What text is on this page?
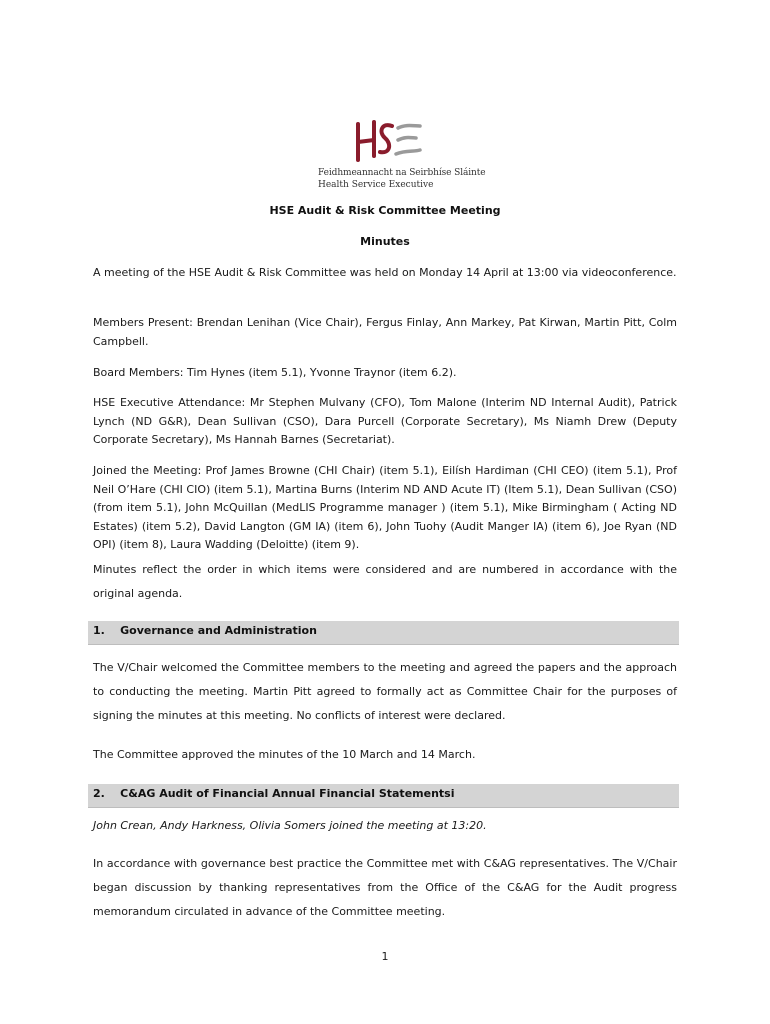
Feidhmeannacht na Seirbhíse Sláinte
Health Service Executive
HSE Audit & Risk Committee Meeting
Minutes
A meeting of the HSE Audit & Risk Committee was held on Monday 14 April at 13:00 via videoconference.
Members Present: Brendan Lenihan (Vice Chair), Fergus Finlay, Ann Markey, Pat Kirwan, Martin Pitt, Colm Campbell.
Board Members: Tim Hynes (item 5.1), Yvonne Traynor (item 6.2).
HSE Executive Attendance: Mr Stephen Mulvany (CFO), Tom Malone (Interim ND Internal Audit), Patrick Lynch (ND G&R), Dean Sullivan (CSO), Dara Purcell (Corporate Secretary), Ms Niamh Drew (Deputy Corporate Secretary), Ms Hannah Barnes (Secretariat).
Joined the Meeting: Prof James Browne (CHI Chair) (item 5.1), Eilísh Hardiman (CHI CEO) (item 5.1), Prof Neil O’Hare (CHI CIO) (item 5.1), Martina Burns (Interim ND AND Acute IT) (Item 5.1), Dean Sullivan (CSO) (from item 5.1), John McQuillan (MedLIS Programme manager ) (item 5.1), Mike Birmingham ( Acting ND Estates) (item 5.2), David Langton (GM IA) (item 6), John Tuohy (Audit Manger IA) (item 6), Joe Ryan (ND OPI) (item 8), Laura Wadding (Deloitte) (item 9).
Minutes reflect the order in which items were considered and are numbered in accordance with the original agenda.
1.    Governance and Administration
The V/Chair welcomed the Committee members to the meeting and agreed the papers and the approach to conducting the meeting. Martin Pitt agreed to formally act as Committee Chair for the purposes of signing the minutes at this meeting. No conflicts of interest were declared.
The Committee approved the minutes of the 10 March and 14 March.
2.    C&AG Audit of Financial Annual Financial Statementsi
John Crean, Andy Harkness, Olivia Somers joined the meeting at 13:20.
In accordance with governance best practice the Committee met with C&AG representatives. The V/Chair began discussion by thanking representatives from the Office of the C&AG for the Audit progress memorandum circulated in advance of the Committee meeting.
1
